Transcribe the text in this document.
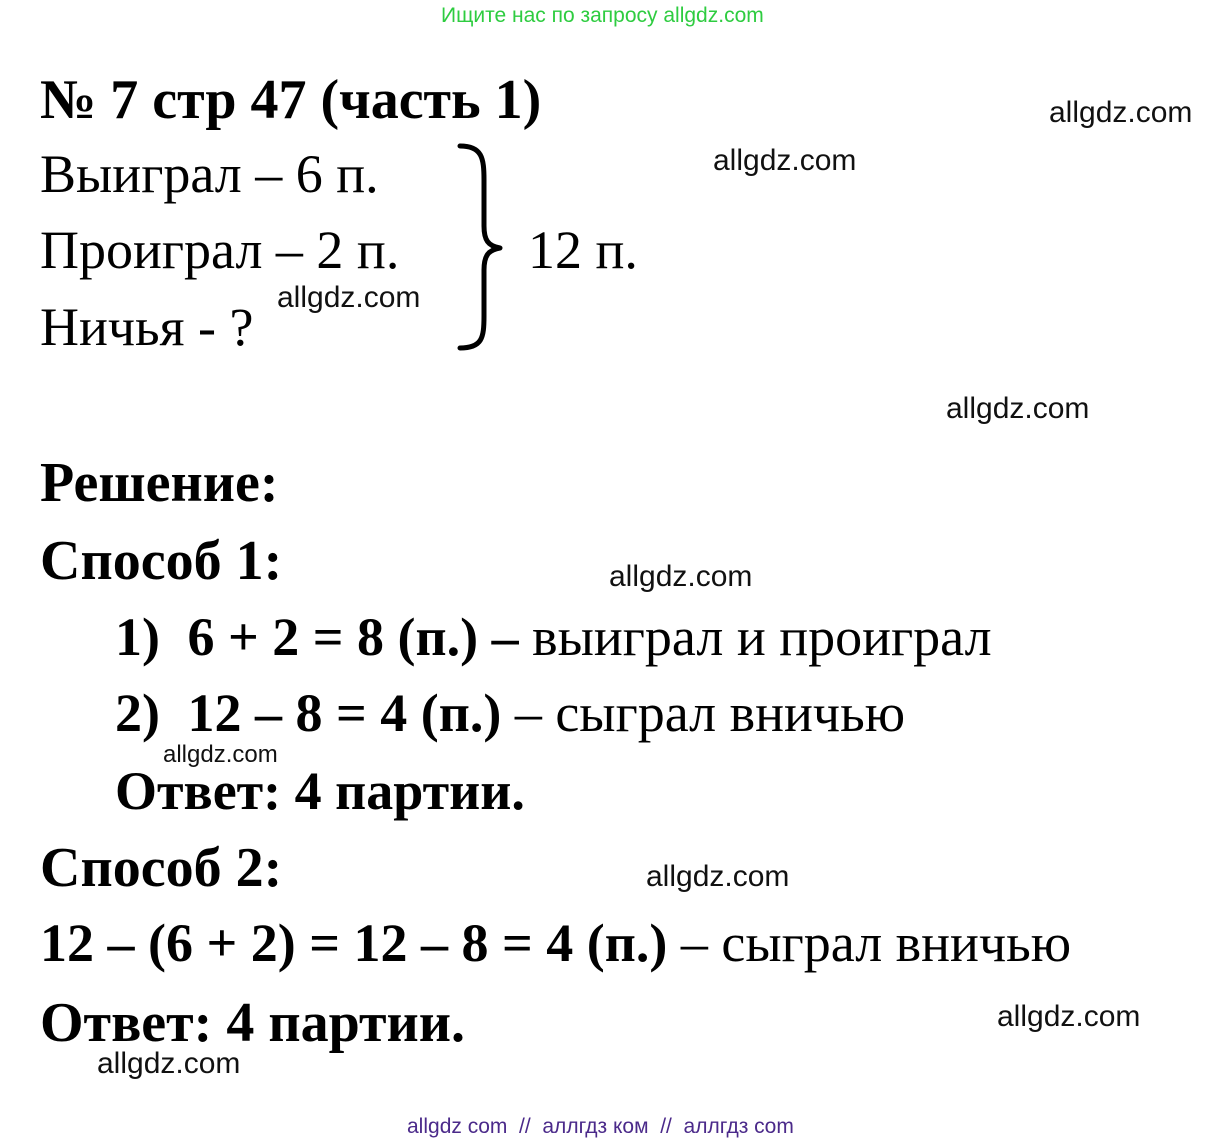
Ищите нас по запросу allgdz.com
№ 7 стр 47 (часть 1)
Выиграл – 6 п.
Проиграл – 2 п.
Ничья - ?
12 п.
Решение:
Способ 1:
1) 6 + 2 = 8 (п.) – выиграл и проиграл
2) 12 – 8 = 4 (п.) – сыграл вничью
Ответ: 4 партии.
Способ 2:
12 – (6 + 2) = 12 – 8 = 4 (п.) – сыграл вничью
Ответ: 4 партии.
allgdz.com
allgdz.com
allgdz.com
allgdz.com
allgdz.com
allgdz.com
allgdz.com
allgdz.com
allgdz.com
allgdz com  //  аллгдз ком  //  аллгдз com
